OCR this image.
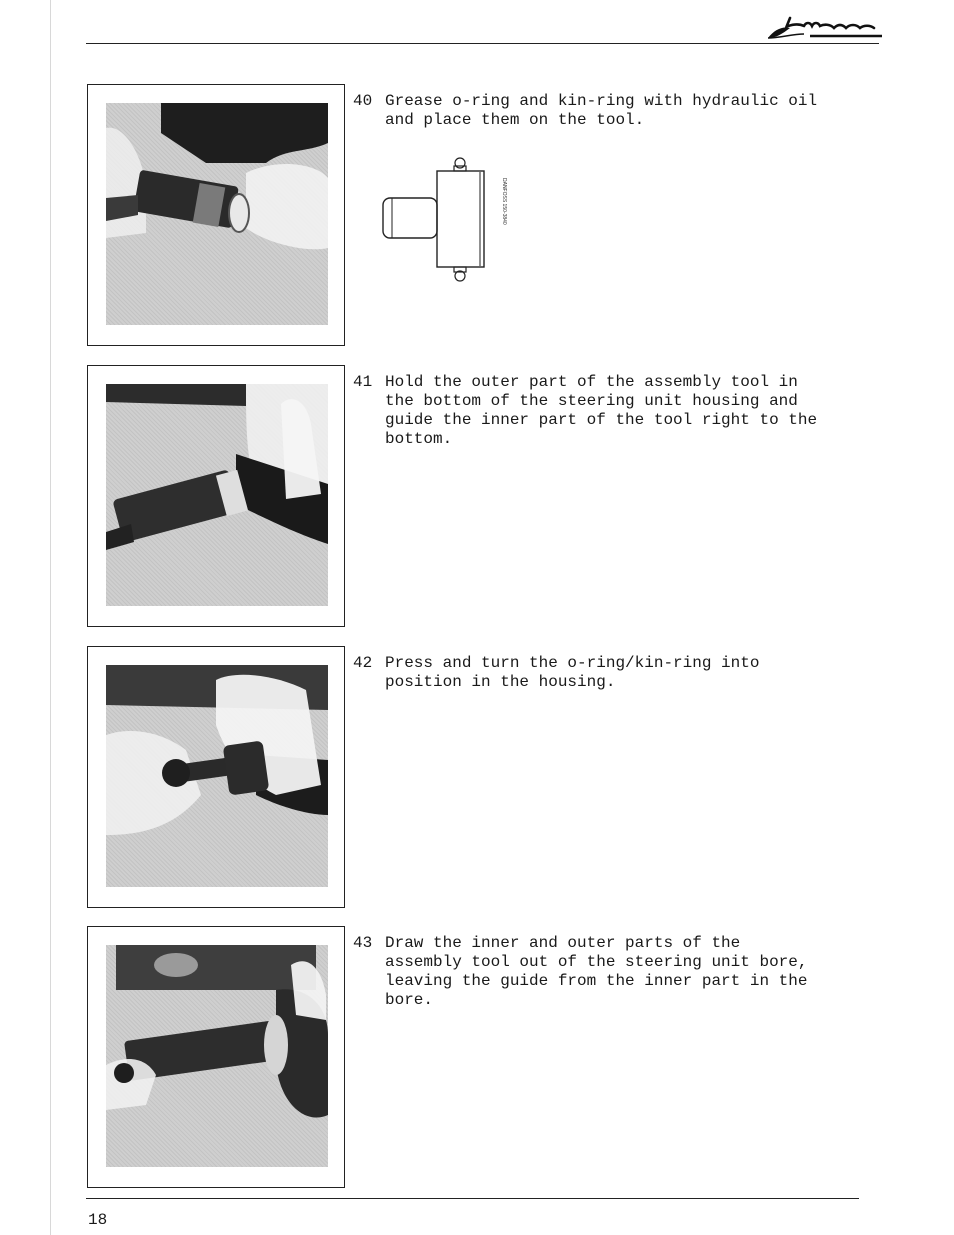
40 Grease o-ring and kin-ring with hydraulic oil
and place them on the tool.
DANFOSS 150-3840
41 Hold the outer part of the assembly tool in
the bottom of the steering unit housing and
guide the inner part of the tool right to the
bottom.
42 Press and turn the o-ring/kin-ring into
position in the housing.
43 Draw the inner and outer parts of the
assembly tool out of the steering unit bore,
leaving the guide from the inner part in the
bore.
18
